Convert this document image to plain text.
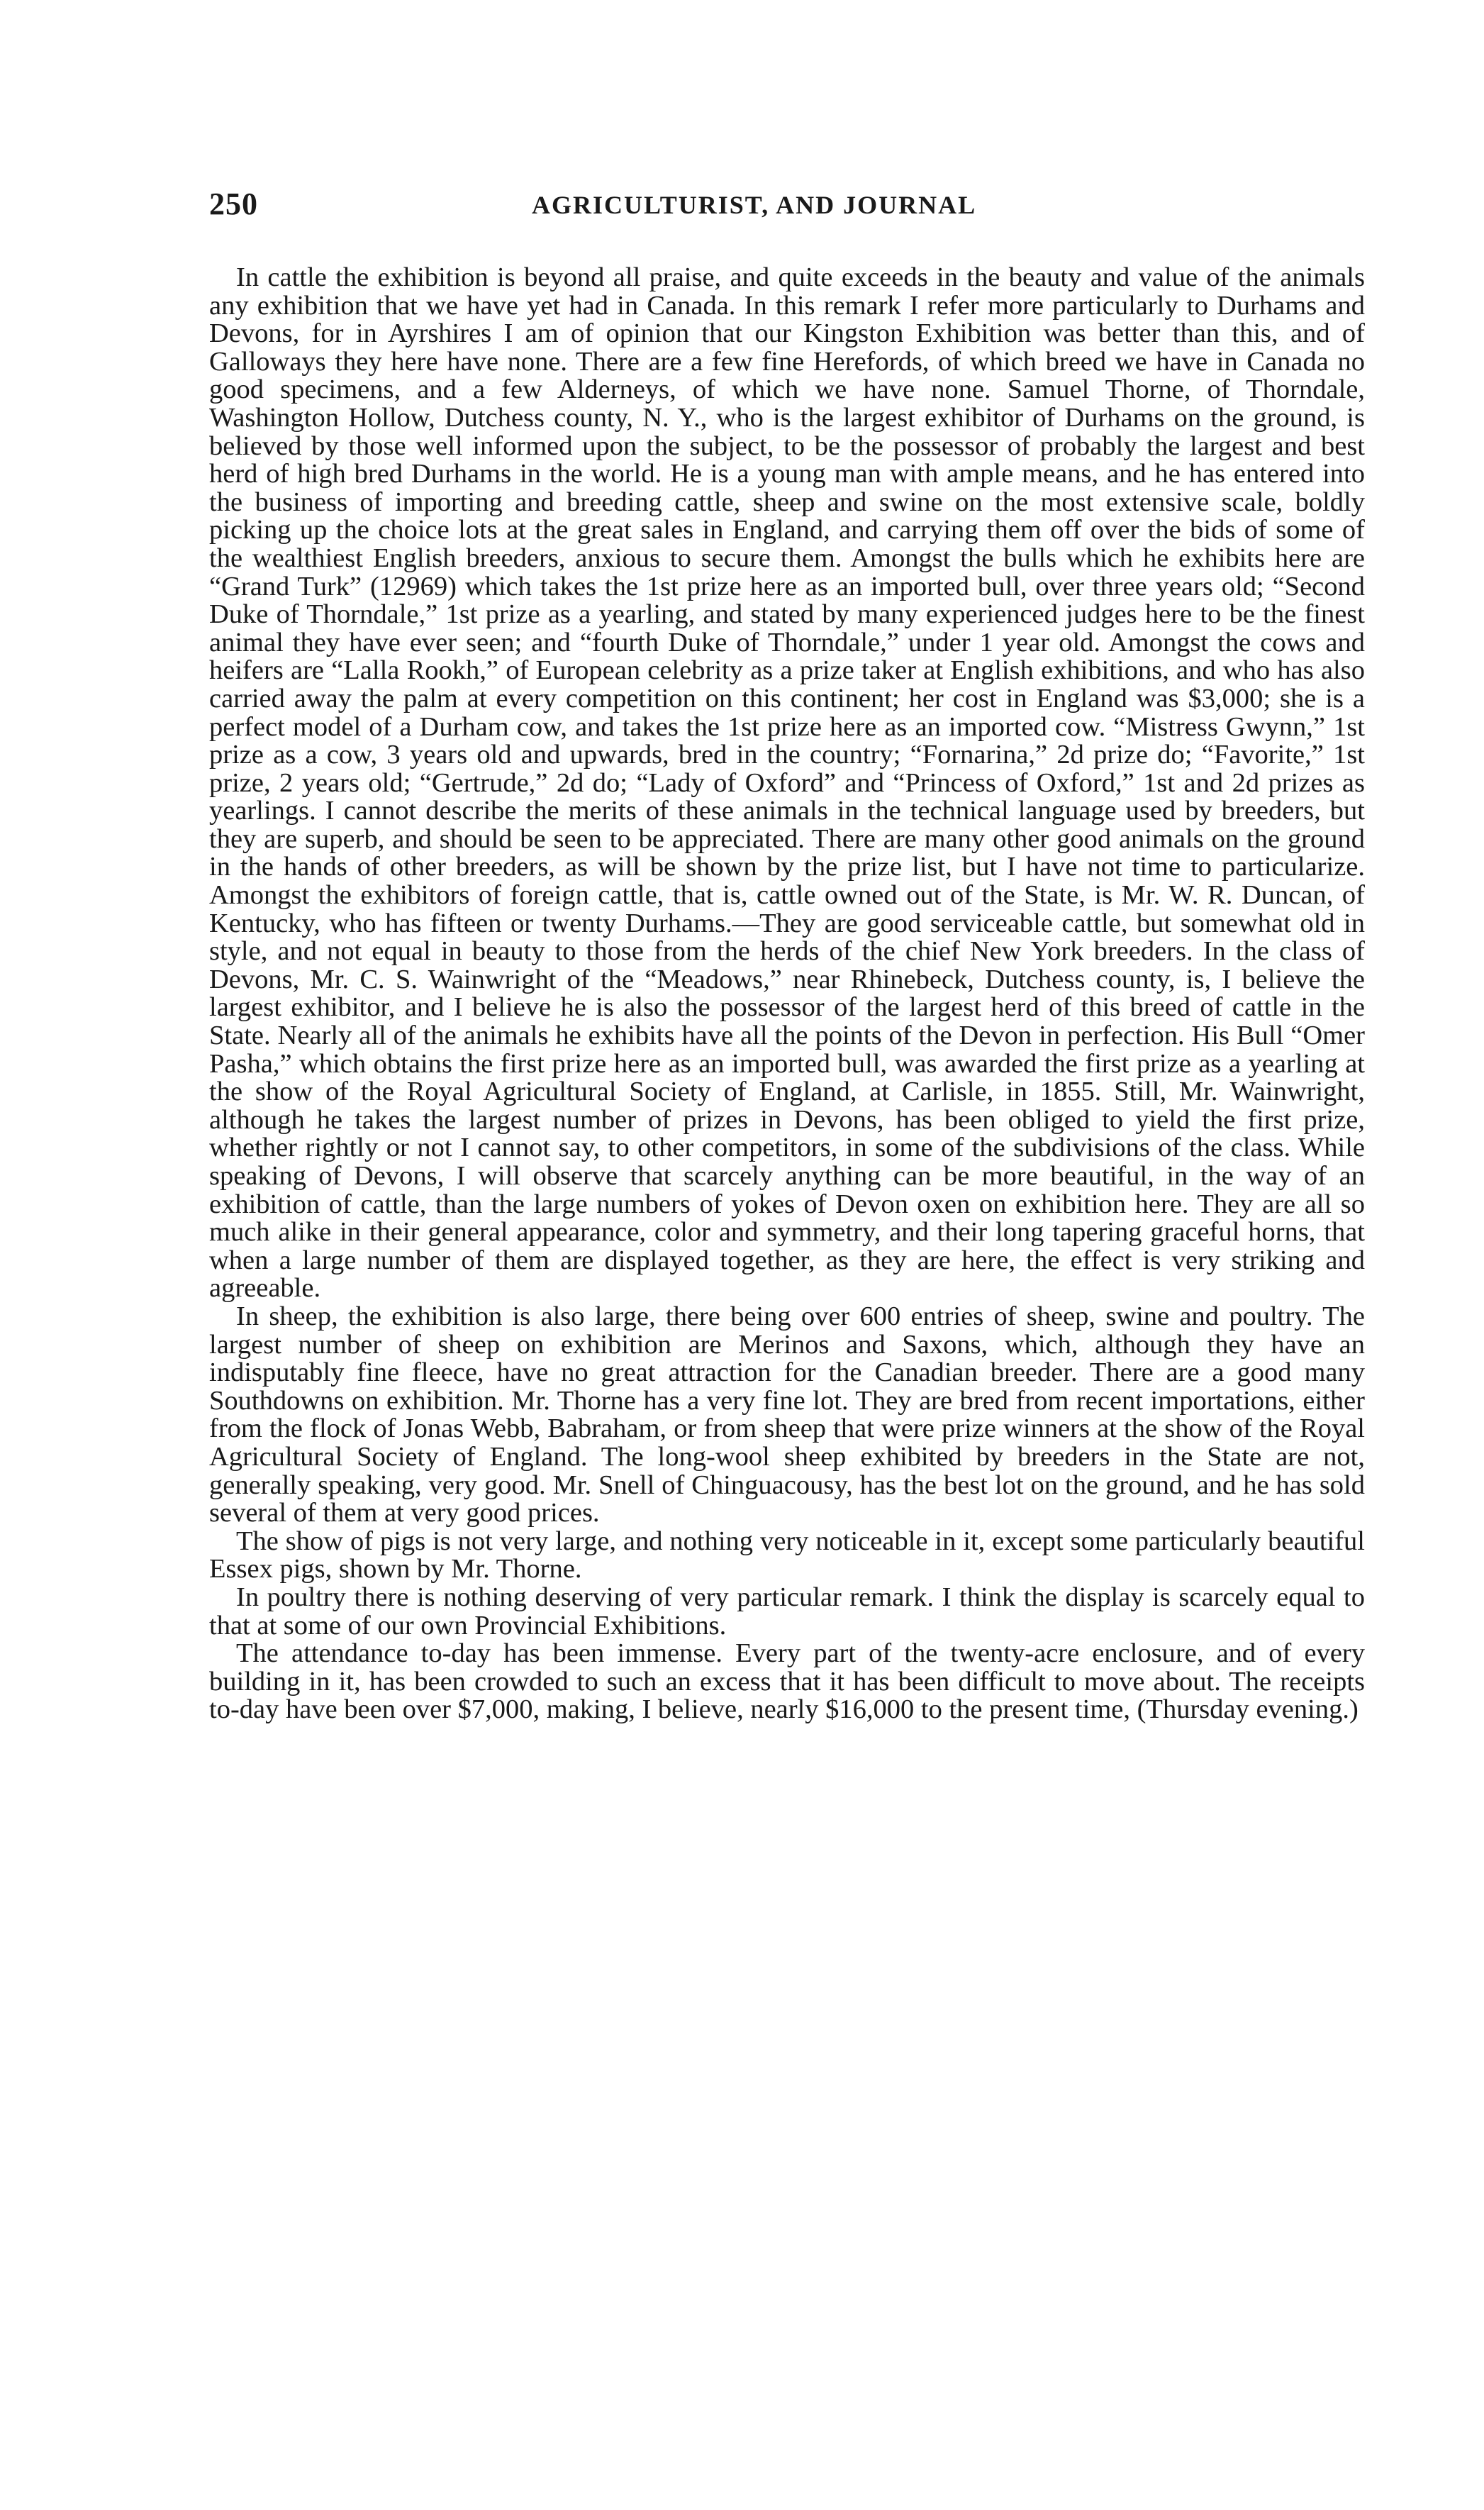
250	AGRICULTURIST, AND JOURNAL

In cattle the exhibition is beyond all praise, and quite exceeds in the beauty and value of the animals any exhibition that we have yet had in Canada. In this remark I refer more particularly to Durhams and Devons, for in Ayrshires I am of opinion that our Kingston Exhibition was better than this, and of Galloways they here have none. There are a few fine Herefords, of which breed we have in Canada no good specimens, and a few Alderneys, of which we have none. Samuel Thorne, of Thorndale, Washington Hollow, Dutchess county, N. Y., who is the largest exhibitor of Durhams on the ground, is believed by those well informed upon the subject, to be the possessor of probably the largest and best herd of high bred Durhams in the world. He is a young man with ample means, and he has entered into the business of importing and breeding cattle, sheep and swine on the most extensive scale, boldly picking up the choice lots at the great sales in England, and carrying them off over the bids of some of the wealthiest English breeders, anxious to secure them. Amongst the bulls which he exhibits here are “Grand Turk” (12969) which takes the 1st prize here as an imported bull, over three years old; “Second Duke of Thorndale,” 1st prize as a yearling, and stated by many experienced judges here to be the finest animal they have ever seen; and “fourth Duke of Thorndale,” under 1 year old. Amongst the cows and heifers are “Lalla Rookh,” of European celebrity as a prize taker at English exhibitions, and who has also carried away the palm at every competition on this continent; her cost in England was $3,000; she is a perfect model of a Durham cow, and takes the 1st prize here as an imported cow. “Mistress Gwynn,” 1st prize as a cow, 3 years old and upwards, bred in the country; “Fornarina,” 2d prize do; “Favorite,” 1st prize, 2 years old; “Gertrude,” 2d do; “Lady of Oxford” and “Princess of Oxford,” 1st and 2d prizes as yearlings. I cannot describe the merits of these animals in the technical language used by breeders, but they are superb, and should be seen to be appreciated. There are many other good animals on the ground in the hands of other breeders, as will be shown by the prize list, but I have not time to particularize. Amongst the exhibitors of foreign cattle, that is, cattle owned out of the State, is Mr. W. R. Duncan, of Kentucky, who has fifteen or twenty Durhams.—They are good serviceable cattle, but somewhat old in style, and not equal in beauty to those from the herds of the chief New York breeders. In the class of Devons, Mr. C. S. Wainwright of the “Meadows,” near Rhinebeck, Dutchess county, is, I believe the largest exhibitor, and I believe he is also the possessor of the largest herd of this breed of cattle in the State. Nearly all of the animals he exhibits have all the points of the Devon in perfection. His Bull “Omer Pasha,” which obtains the first prize here as an imported bull, was awarded the first prize as a yearling at the show of the Royal Agricultural Society of England, at Carlisle, in 1855. Still, Mr. Wainwright, although he takes the largest number of prizes in Devons, has been obliged to yield the first prize, whether rightly or not I cannot say, to other competitors, in some of the subdivisions of the class. While speaking of Devons, I will observe that scarcely anything can be more beautiful, in the way of an exhibition of cattle, than the large numbers of yokes of Devon oxen on exhibition here. They are all so much alike in their general appearance, color and symmetry, and their long tapering graceful horns, that when a large number of them are displayed together, as they are here, the effect is very striking and agreeable.

In sheep, the exhibition is also large, there being over 600 entries of sheep, swine and poultry. The largest number of sheep on exhibition are Merinos and Saxons, which, although they have an indisputably fine fleece, have no great attraction for the Canadian breeder. There are a good many Southdowns on exhibition. Mr. Thorne has a very fine lot. They are bred from recent importations, either from the flock of Jonas Webb, Babraham, or from sheep that were prize winners at the show of the Royal Agricultural Society of England. The long-wool sheep exhibited by breeders in the State are not, generally speaking, very good. Mr. Snell of Chinguacousy, has the best lot on the ground, and he has sold several of them at very good prices.

The show of pigs is not very large, and nothing very noticeable in it, except some particularly beautiful Essex pigs, shown by Mr. Thorne.

In poultry there is nothing deserving of very particular remark. I think the display is scarcely equal to that at some of our own Provincial Exhibitions.

The attendance to-day has been immense. Every part of the twenty-acre enclosure, and of every building in it, has been crowded to such an excess that it has been difficult to move about. The receipts to-day have been over $7,000, making, I believe, nearly $16,000 to the present time, (Thursday evening.)
